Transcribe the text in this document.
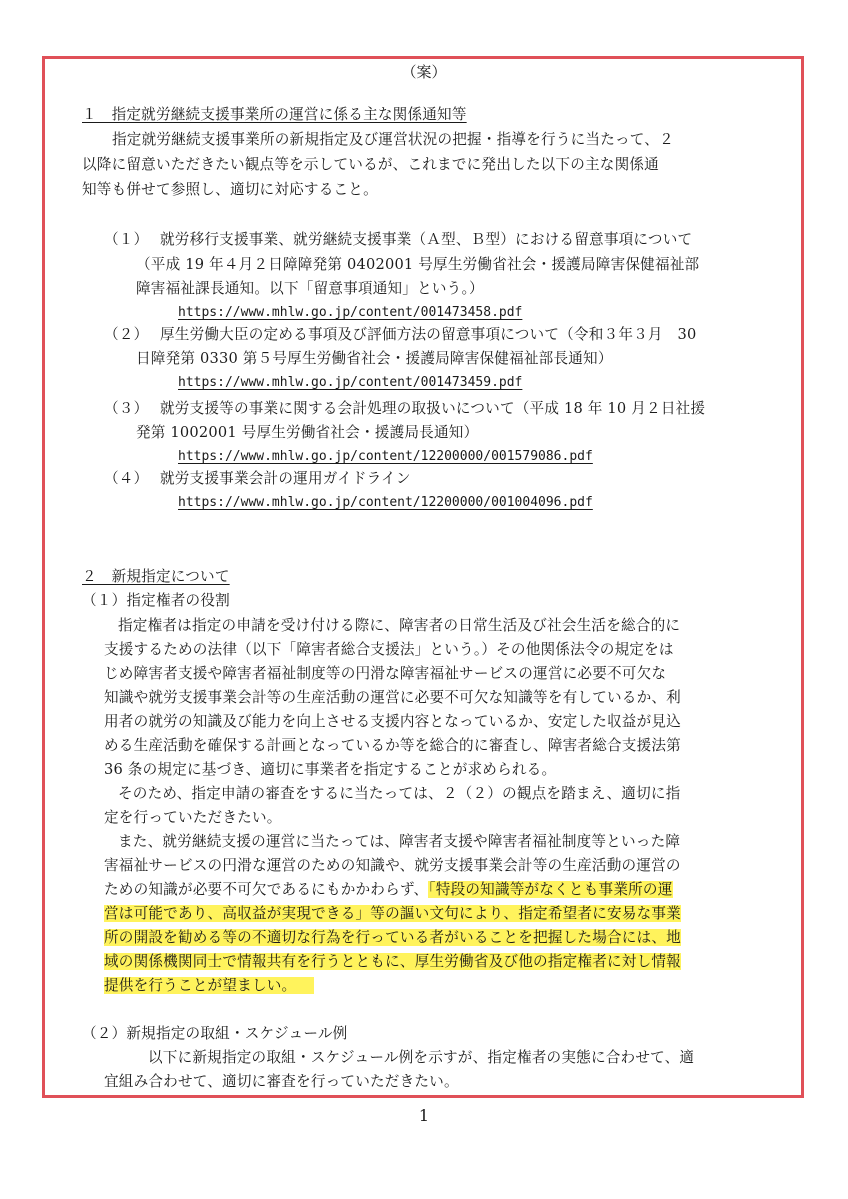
（案）
１　指定就労継続支援事業所の運営に係る主な関係通知等
指定就労継続支援事業所の新規指定及び運営状況の把握・指導を行うに当たって、２
以降に留意いただきたい観点等を示しているが、これまでに発出した以下の主な関係通
知等も併せて参照し、適切に対応すること。
（１） 就労移行支援事業、就労継続支援事業（Ａ型、Ｂ型）における留意事項について
（平成 19 年４月２日障障発第 0402001 号厚生労働省社会・援護局障害保健福祉部
障害福祉課長通知。以下「留意事項通知」という。）
https://www.mhlw.go.jp/content/001473458.pdf
（２） 厚生労働大臣の定める事項及び評価方法の留意事項について（令和３年３月　30
日障発第 0330 第５号厚生労働省社会・援護局障害保健福祉部長通知）
https://www.mhlw.go.jp/content/001473459.pdf
（３） 就労支援等の事業に関する会計処理の取扱いについて（平成 18 年 10 月２日社援
発第 1002001 号厚生労働省社会・援護局長通知）
https://www.mhlw.go.jp/content/12200000/001579086.pdf
（４） 就労支援事業会計の運用ガイドライン
https://www.mhlw.go.jp/content/12200000/001004096.pdf
２　新規指定について
（１）指定権者の役割
指定権者は指定の申請を受け付ける際に、障害者の日常生活及び社会生活を総合的に
支援するための法律（以下「障害者総合支援法」という。）その他関係法令の規定をは
じめ障害者支援や障害者福祉制度等の円滑な障害福祉サービスの運営に必要不可欠な
知識や就労支援事業会計等の生産活動の運営に必要不可欠な知識等を有しているか、利
用者の就労の知識及び能力を向上させる支援内容となっているか、安定した収益が見込
める生産活動を確保する計画となっているか等を総合的に審査し、障害者総合支援法第
36 条の規定に基づき、適切に事業者を指定することが求められる。
そのため、指定申請の審査をするに当たっては、２（２）の観点を踏まえ、適切に指
定を行っていただきたい。
また、就労継続支援の運営に当たっては、障害者支援や障害者福祉制度等といった障
害福祉サービスの円滑な運営のための知識や、就労支援事業会計等の生産活動の運営の
ための知識が必要不可欠であるにもかかわらず、「特段の知識等がなくとも事業所の運
営は可能であり、高収益が実現できる」等の謳い文句により、指定希望者に安易な事業
所の開設を勧める等の不適切な行為を行っている者がいることを把握した場合には、地
域の関係機関同士で情報共有を行うとともに、厚生労働省及び他の指定権者に対し情報
提供を行うことが望ましい。
（２）新規指定の取組・スケジュール例
以下に新規指定の取組・スケジュール例を示すが、指定権者の実態に合わせて、適
宜組み合わせて、適切に審査を行っていただきたい。
1
